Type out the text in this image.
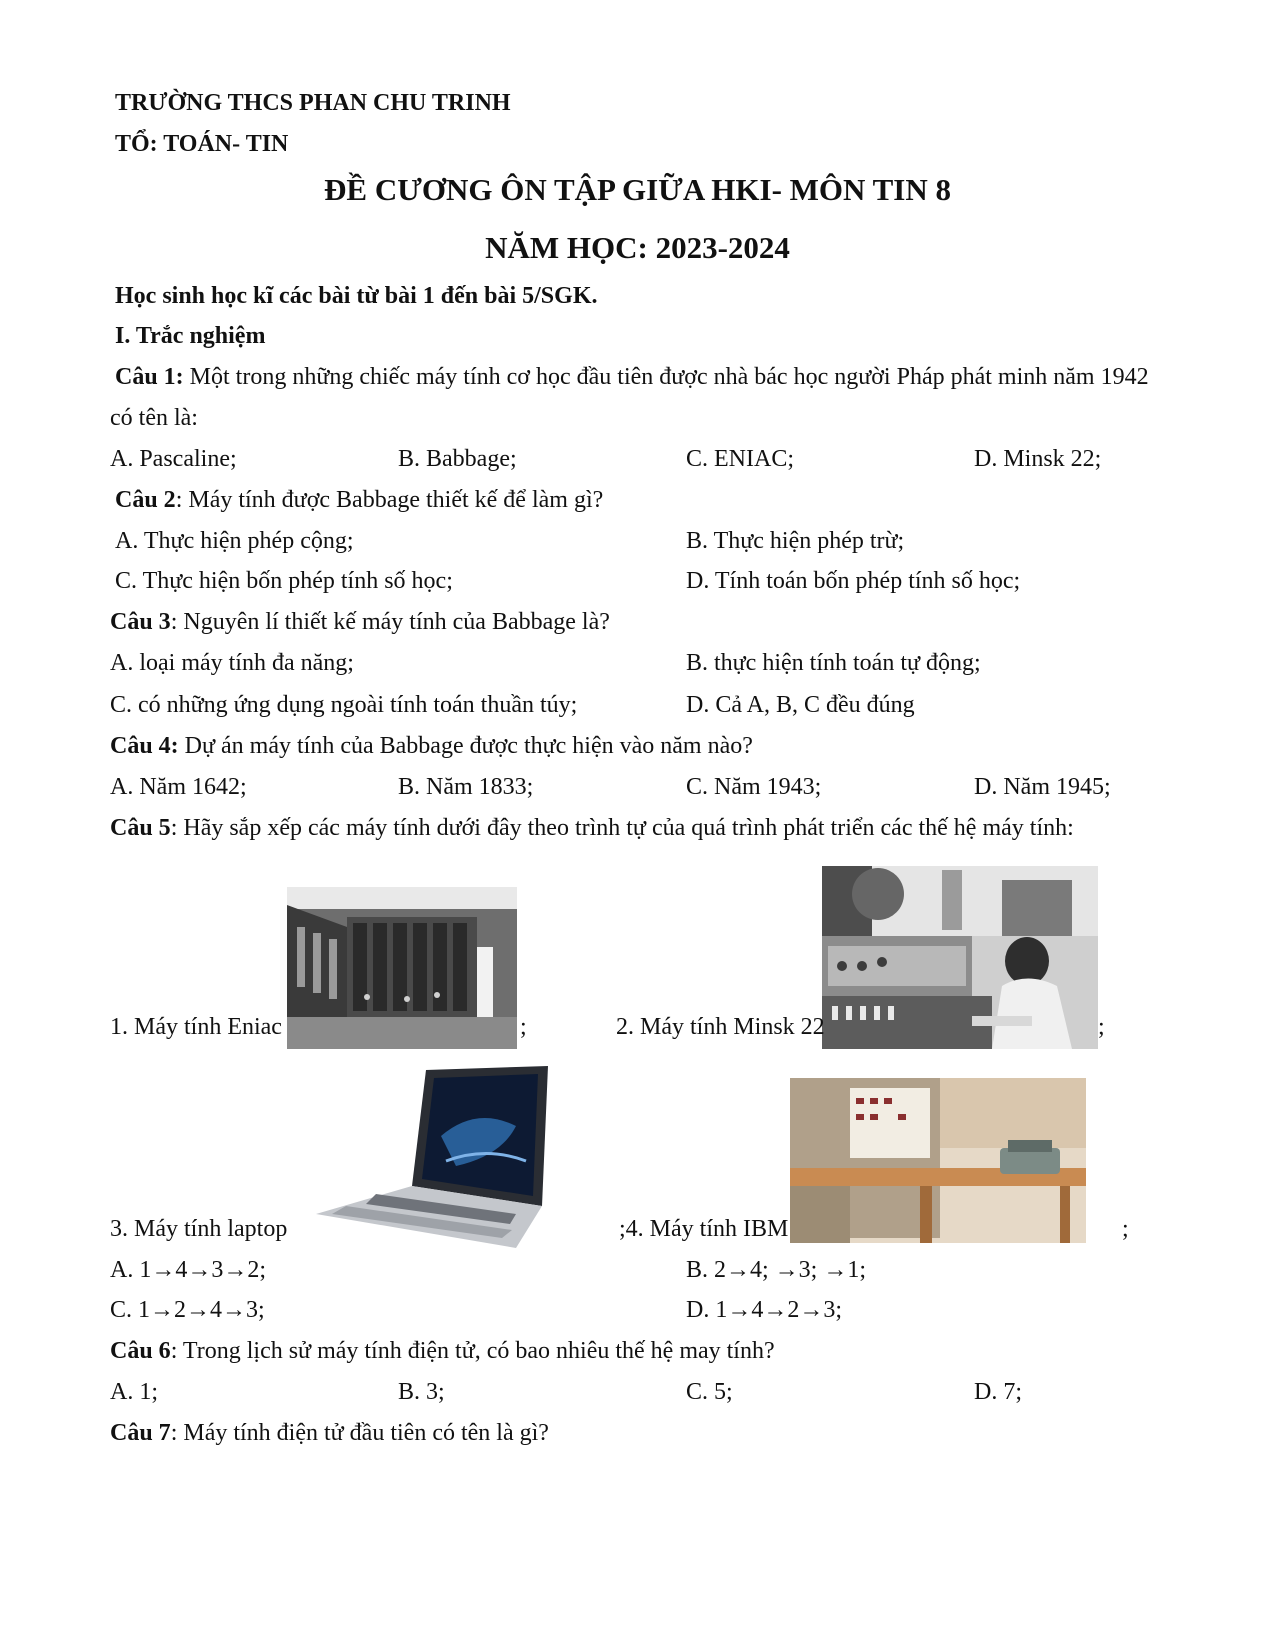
TRƯỜNG THCS PHAN CHU TRINH
TỔ: TOÁN- TIN
ĐỀ CƯƠNG ÔN TẬP GIỮA HKI- MÔN TIN 8
NĂM HỌC: 2023-2024
Học sinh học kĩ các bài từ bài 1 đến bài 5/SGK.
I. Trắc nghiệm
Câu 1: Một trong những chiếc máy tính cơ học đầu tiên được nhà bác học người Pháp phát minh năm 1942
có tên là:
A. Pascaline;	B. Babbage;	C. ENIAC;	D. Minsk 22;
Câu 2: Máy tính được Babbage thiết kế để làm gì?
A. Thực hiện phép cộng;	B. Thực hiện phép trừ;
C. Thực hiện bốn phép tính số học;	D. Tính toán bốn phép tính số học;
Câu 3: Nguyên lí thiết kế máy tính của Babbage là?
A. loại máy tính đa năng;	B. thực hiện tính toán tự động;
C. có những ứng dụng ngoài tính toán thuần túy;	D. Cả A, B, C đều đúng
Câu 4: Dự án máy tính của Babbage được thực hiện vào năm nào?
A. Năm 1642;	B. Năm 1833;	C. Năm 1943;	D. Năm 1945;
Câu 5: Hãy sắp xếp các máy tính dưới đây theo trình tự của quá trình phát triển các thế hệ máy tính:
1. Máy tính Eniac	;	2. Máy tính Minsk 22	;
3. Máy tính laptop	;4. Máy tính IBM	;
A. 1→4→3→2;	B. 2→4; →3; →1;
C. 1→2→4→3;	D. 1→4→2→3;
Câu 6: Trong lịch sử máy tính điện tử, có bao nhiêu thế hệ may tính?
A. 1;	B. 3;	C. 5;	D. 7;
Câu 7: Máy tính điện tử đầu tiên có tên là gì?
